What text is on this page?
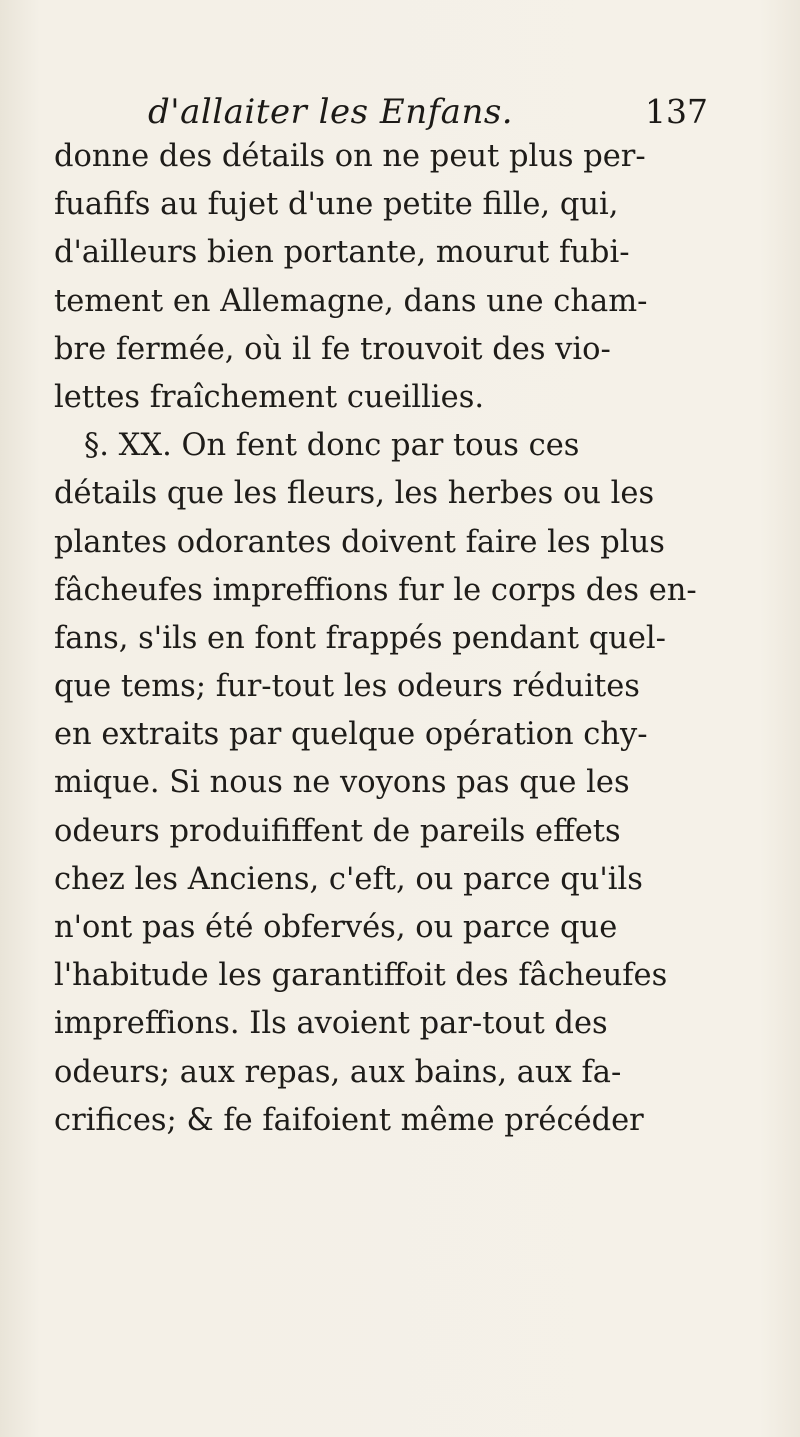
d'allaiter les Enfans.	137
donne des détails on ne peut plus per-
fuafifs au fujet d'une petite fille, qui,
d'ailleurs bien portante, mourut fubi-
tement en Allemagne, dans une cham-
bre fermée, où il fe trouvoit des vio-
lettes fraîchement cueillies.
§. XX. On fent donc par tous ces
détails que les fleurs, les herbes ou les
plantes odorantes doivent faire les plus
fâcheufes impreffions fur le corps des en-
fans, s'ils en font frappés pendant quel-
que tems; fur-tout les odeurs réduites
en extraits par quelque opération chy-
mique. Si nous ne voyons pas que les
odeurs produififfent de pareils effets
chez les Anciens, c'eft, ou parce qu'ils
n'ont pas été obfervés, ou parce que
l'habitude les garantiffoit des fâcheufes
impreffions. Ils avoient par-tout des
odeurs; aux repas, aux bains, aux fa-
crifices; & fe faifoient même précéder
